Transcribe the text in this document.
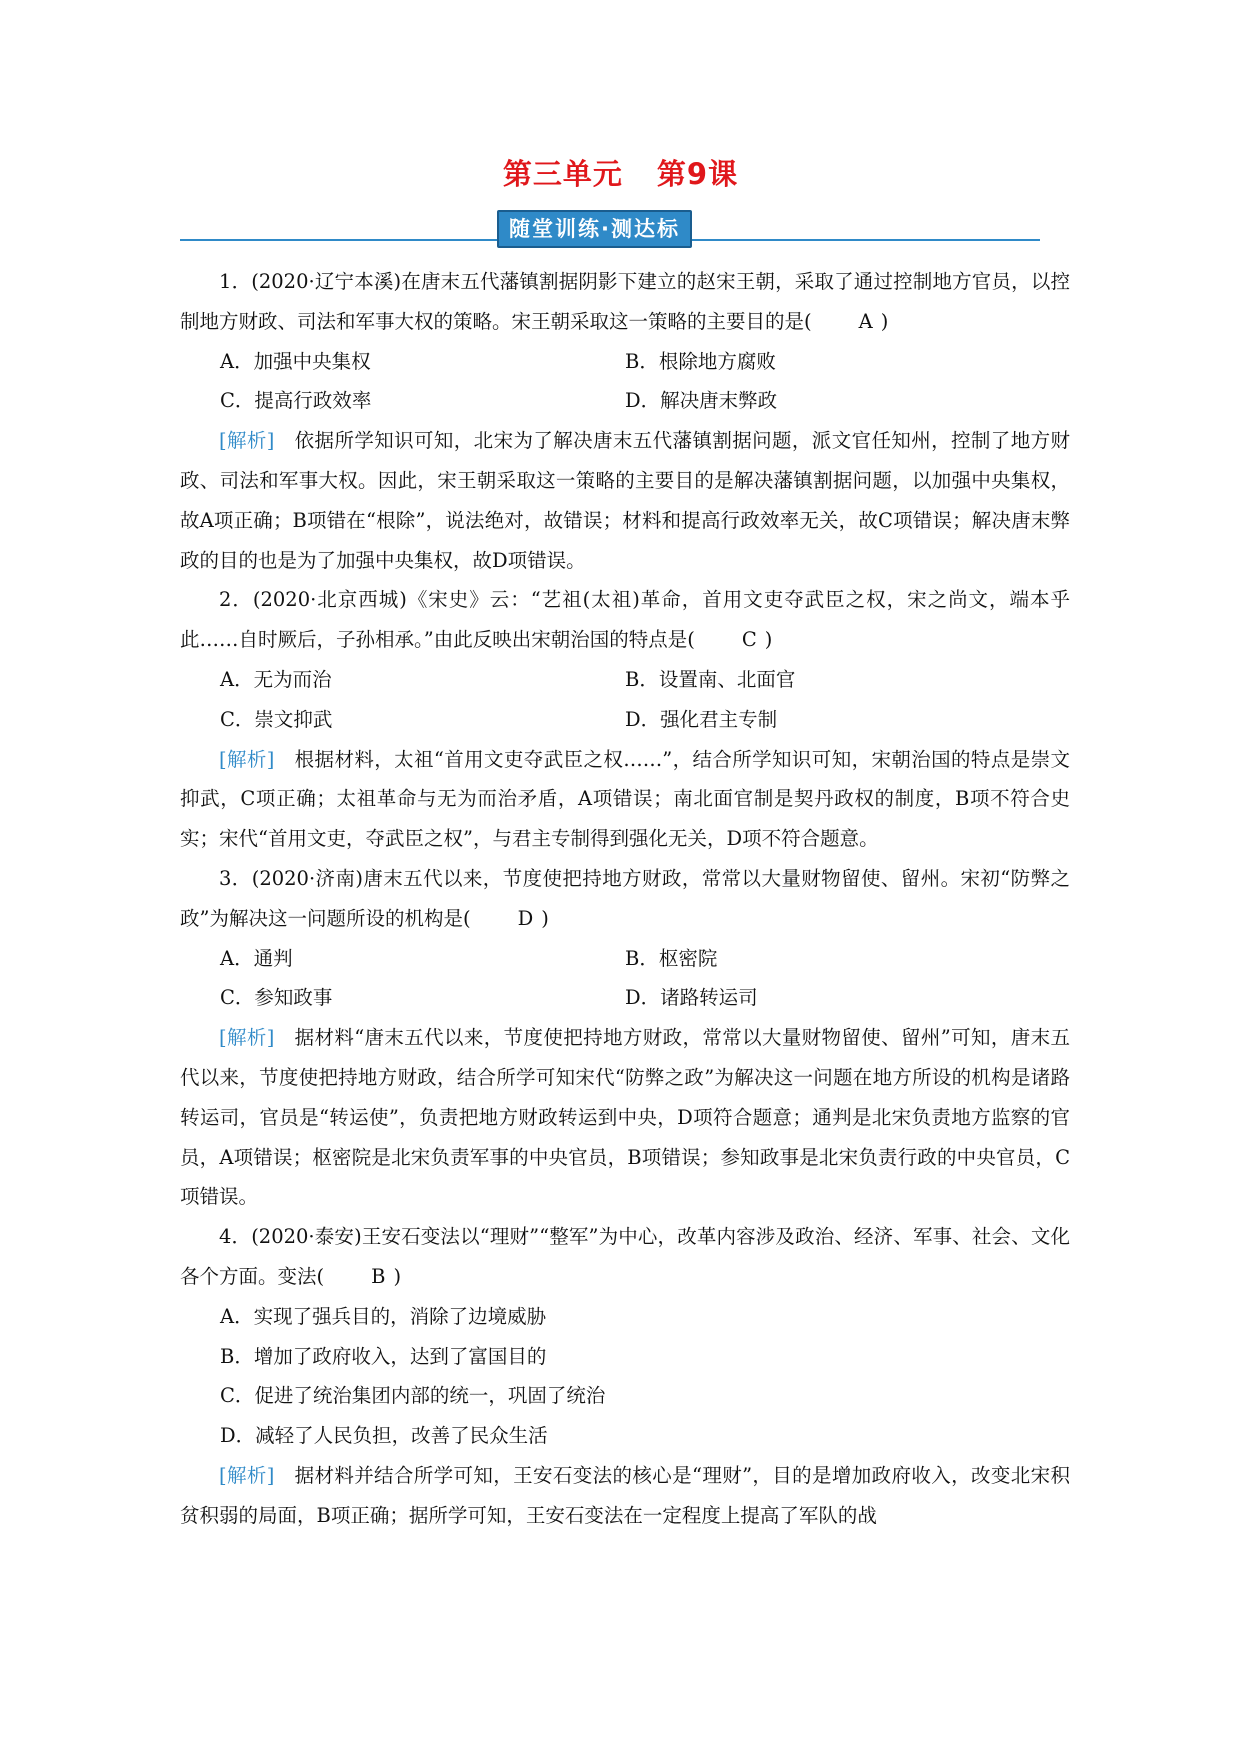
第三单元 第9课
随堂训练·测达标

1．(2020·辽宁本溪)在唐末五代藩镇割据阴影下建立的赵宋王朝，采取了通过控制地方官员，以控制地方财政、司法和军事大权的策略。宋王朝采取这一策略的主要目的是( A )

A．加强中央集权	B．根除地方腐败
C．提高行政效率	D．解决唐末弊政

[解析]　 依据所学知识可知，北宋为了解决唐末五代藩镇割据问题，派文官任知州，控制了地方财政、司法和军事大权。因此，宋王朝采取这一策略的主要目的是解决藩镇割据问题，以加强中央集权，故A项正确；B项错在“根除”，说法绝对，故错误；材料和提高行政效率无关，故C项错误；解决唐末弊政的目的也是为了加强中央集权，故D项错误。

2．(2020·北京西城)《宋史》云：“艺祖(太祖)革命，首用文吏夺武臣之权，宋之尚文，端本乎此……自时厥后，子孙相承。”由此反映出宋朝治国的特点是( C )

A．无为而治	B．设置南、北面官
C．崇文抑武	D．强化君主专制

[解析]　 根据材料，太祖“首用文吏夺武臣之权……”，结合所学知识可知，宋朝治国的特点是崇文抑武，C项正确；太祖革命与无为而治矛盾，A项错误；南北面官制是契丹政权的制度，B项不符合史实；宋代“首用文吏，夺武臣之权”，与君主专制得到强化无关，D项不符合题意。

3．(2020·济南)唐末五代以来，节度使把持地方财政，常常以大量财物留使、留州。宋初“防弊之政”为解决这一问题所设的机构是( D )

A．通判	B．枢密院
C．参知政事	D．诸路转运司

[解析]　 据材料“唐末五代以来，节度使把持地方财政，常常以大量财物留使、留州”可知，唐末五代以来，节度使把持地方财政，结合所学可知宋代“防弊之政”为解决这一问题在地方所设的机构是诸路转运司，官员是“转运使”，负责把地方财政转运到中央，D项符合题意；通判是北宋负责地方监察的官员，A项错误；枢密院是北宋负责军事的中央官员，B项错误；参知政事是北宋负责行政的中央官员，C项错误。

4．(2020·泰安)王安石变法以“理财”“整军”为中心，改革内容涉及政治、经济、军事、社会、文化各个方面。变法( B )

A．实现了强兵目的，消除了边境威胁
B．增加了政府收入，达到了富国目的
C．促进了统治集团内部的统一，巩固了统治
D．减轻了人民负担，改善了民众生活

[解析]　 据材料并结合所学可知，王安石变法的核心是“理财”，目的是增加政府收入，改变北宋积贫积弱的局面，B项正确；据所学可知，王安石变法在一定程度上提高了军队的战
